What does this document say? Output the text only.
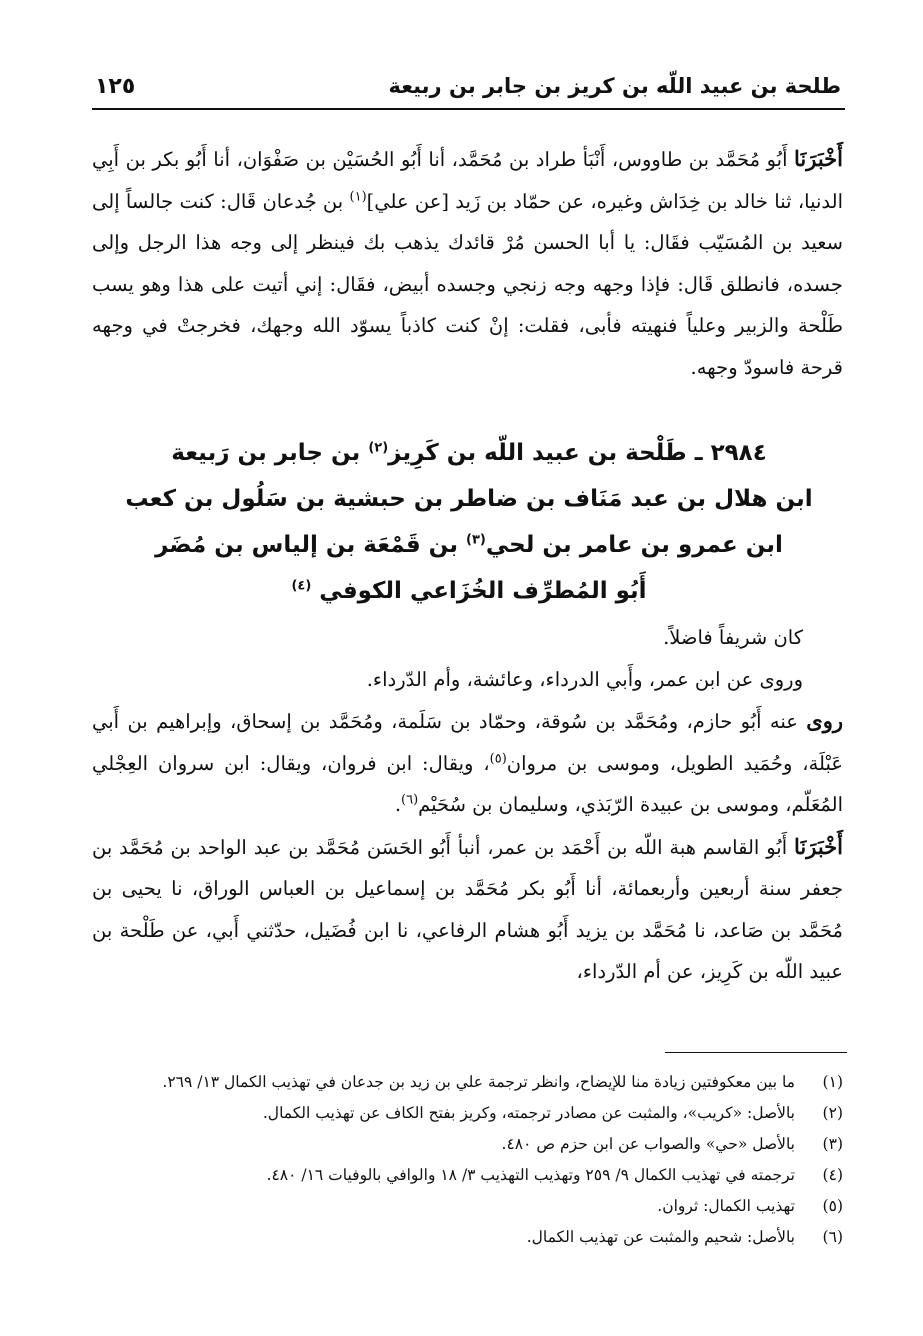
طلحة بن عبيد اللّه بن كريز بن جابر بن ربيعة
١٢٥

أَخْبَرَنَا أَبُو مُحَمَّد بن طاووس، أَنْبَأ طراد بن مُحَمَّد، أنا أَبُو الحُسَيْن بن صَفْوَان، أنا أَبُو بكر بن أَبِي الدنيا، ثنا خالد بن خِدَاش وغيره، عن حمّاد بن زَيد [عن علي]$^{(١)}$ بن جُدعان قَال: كنت جالساً إلى سعيد بن المُسَيّب فقَال: يا أبا الحسن مُرْ قائدك يذهب بك فينظر إلى وجه هذا الرجل وإلى جسده، فانطلق قَال: فإذا وجهه وجه زنجي وجسده أبيض، فقَال: إني أتيت على هذا وهو يسب طَلْحة والزبير وعلياً فنهيته فأبى، فقلت: إنْ كنت كاذباً يسوّد الله وجهك، فخرجتْ في وجهه قرحة فاسودّ وجهه.

٢٩٨٤ ـ طَلْحة بن عبيد اللّه بن كَرِيز$^{(٢)}$ بن جابر بن رَبيعة

ابن هلال بن عبد مَنَاف بن ضاطر بن حبشية بن سَلُول بن كعب

ابن عمرو بن عامر بن لحي$^{(٣)}$ بن قَمْعَة بن إلياس بن مُضَر

أَبُو المُطرِّف الخُزَاعي الكوفي $^{(٤)}$

كان شريفاً فاضلاً.

وروى عن ابن عمر، وأَبي الدرداء، وعائشة، وأم الدّرداء.

روى عنه أَبُو حازم، ومُحَمَّد بن سُوقة، وحمّاد بن سَلَمة، ومُحَمَّد بن إسحاق، وإبراهيم بن أَبي عَبْلَة، وحُمَيد الطويل، وموسى بن مروان$^{(٥)}$، ويقال: ابن فروان، ويقال: ابن سروان العِجْلي المُعَلّم، وموسى بن عبيدة الرّبَذي، وسليمان بن سُحَيْم$^{(٦)}$.

أَخْبَرَنَا أَبُو القاسم هبة اللّه بن أَحْمَد بن عمر، أنبأ أَبُو الحَسَن مُحَمَّد بن عبد الواحد بن مُحَمَّد بن جعفر سنة أربعين وأربعمائة، أنا أَبُو بكر مُحَمَّد بن إسماعيل بن العباس الوراق، نا يحيى بن مُحَمَّد بن صَاعد، نا مُحَمَّد بن يزيد أَبُو هشام الرفاعي، نا ابن فُضَيل، حدّثني أَبي، عن طَلْحة بن عبيد اللّه بن كَرِيز، عن أم الدّرداء،

(١)
ما بين معكوفتين زيادة منا للإيضاح، وانظر ترجمة علي بن زيد بن جدعان في تهذيب الكمال ١٣/ ٢٦٩.
(٢)
بالأصل: «كريب»، والمثبت عن مصادر ترجمته، وكريز بفتح الكاف عن تهذيب الكمال.
(٣)
بالأصل «حي» والصواب عن ابن حزم ص ٤٨٠.
(٤)
ترجمته في تهذيب الكمال ٩/ ٢٥٩ وتهذيب التهذيب ٣/ ١٨ والوافي بالوفيات ١٦/ ٤٨٠.
(٥)
تهذيب الكمال: ثروان.
(٦)
بالأصل: شحيم والمثبت عن تهذيب الكمال.
